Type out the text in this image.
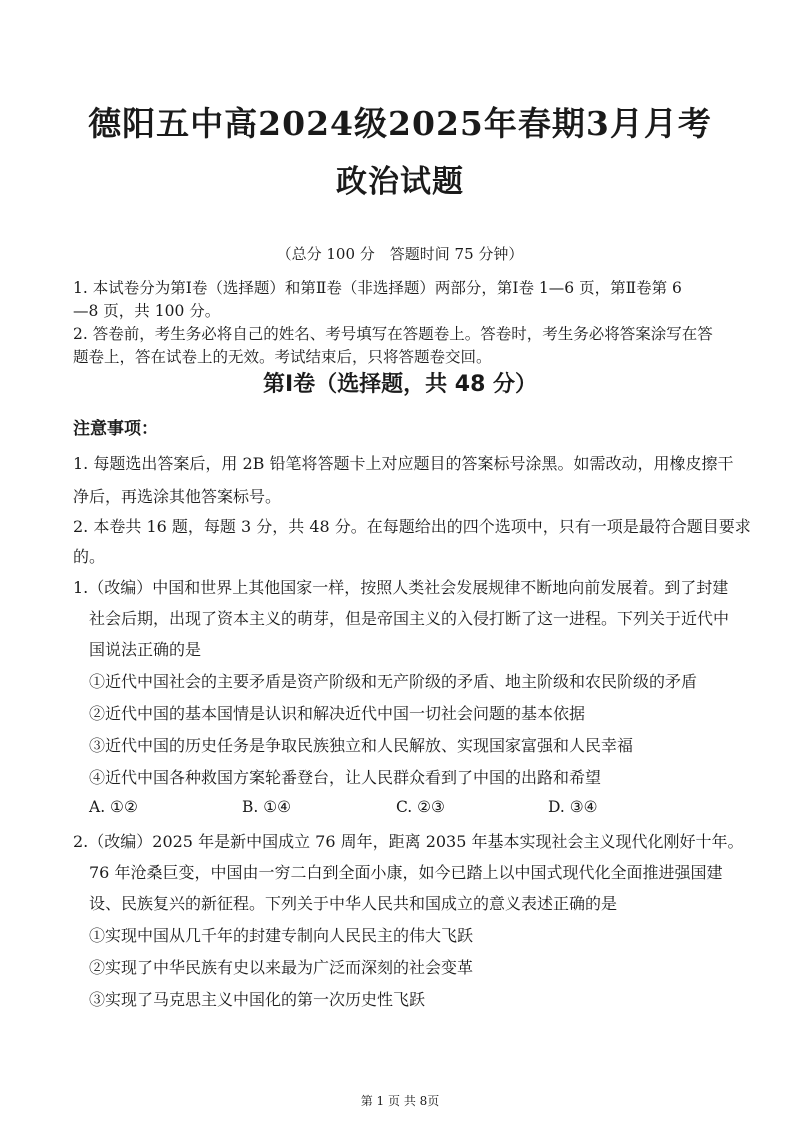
德阳五中高2024级2025年春期3月月考
政治试题
（总分 100 分　答题时间 75 分钟）
1. 本试卷分为第Ⅰ卷（选择题）和第Ⅱ卷（非选择题）两部分，第Ⅰ卷 1—6 页，第Ⅱ卷第 6
—8 页，共 100 分。
2. 答卷前，考生务必将自己的姓名、考号填写在答题卷上。答卷时，考生务必将答案涂写在答
题卷上，答在试卷上的无效。考试结束后，只将答题卷交回。
第Ⅰ卷（选择题，共 48 分）
注意事项：
1. 每题选出答案后，用 2B 铅笔将答题卡上对应题目的答案标号涂黑。如需改动，用橡皮擦干
净后，再选涂其他答案标号。
2. 本卷共 16 题，每题 3 分，共 48 分。在每题给出的四个选项中，只有一项是最符合题目要求
的。
1.（改编）中国和世界上其他国家一样，按照人类社会发展规律不断地向前发展着。到了封建
社会后期，出现了资本主义的萌芽，但是帝国主义的入侵打断了这一进程。下列关于近代中
国说法正确的是
①近代中国社会的主要矛盾是资产阶级和无产阶级的矛盾、地主阶级和农民阶级的矛盾
②近代中国的基本国情是认识和解决近代中国一切社会问题的基本依据
③近代中国的历史任务是争取民族独立和人民解放、实现国家富强和人民幸福
④近代中国各种救国方案轮番登台，让人民群众看到了中国的出路和希望
A. ①②	B. ①④	C. ②③	D. ③④
2.（改编）2025 年是新中国成立 76 周年，距离 2035 年基本实现社会主义现代化刚好十年。
76 年沧桑巨变，中国由一穷二白到全面小康，如今已踏上以中国式现代化全面推进强国建
设、民族复兴的新征程。下列关于中华人民共和国成立的意义表述正确的是
①实现中国从几千年的封建专制向人民民主的伟大飞跃
②实现了中华民族有史以来最为广泛而深刻的社会变革
③实现了马克思主义中国化的第一次历史性飞跃
第 1 页 共 8页
